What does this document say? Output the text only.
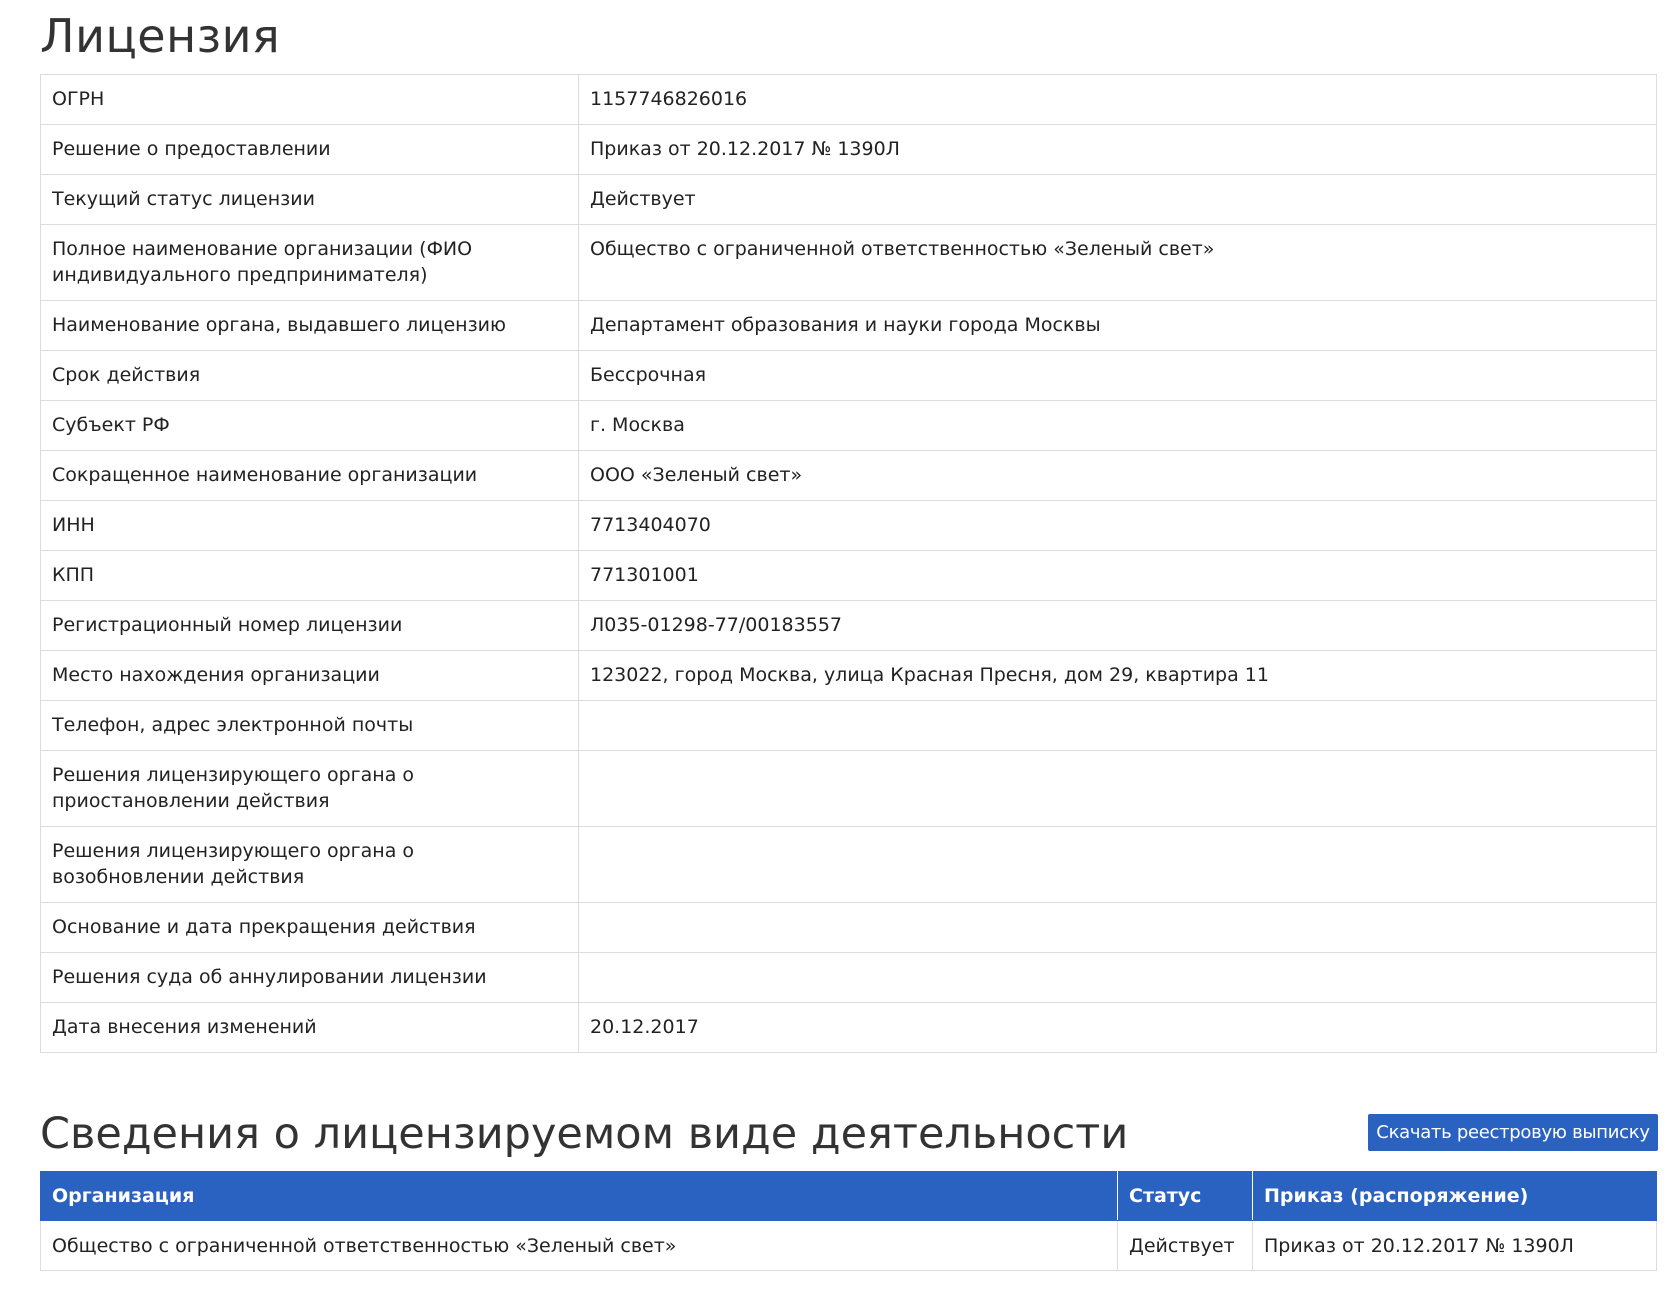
Лицензия
ОГРН	1157746826016
Решение о предоставлении	Приказ от 20.12.2017 № 1390Л
Текущий статус лицензии	Действует
Полное наименование организации (ФИО индивидуального предпринимателя)	Общество с ограниченной ответственностью «Зеленый свет»
Наименование органа, выдавшего лицензию	Департамент образования и науки города Москвы
Срок действия	Бессрочная
Субъект РФ	г. Москва
Сокращенное наименование организации	ООО «Зеленый свет»
ИНН	7713404070
КПП	771301001
Регистрационный номер лицензии	Л035-01298-77/00183557
Место нахождения организации	123022, город Москва, улица Красная Пресня, дом 29, квартира 11
Телефон, адрес электронной почты	
Решения лицензирующего органа о приостановлении действия	
Решения лицензирующего органа о возобновлении действия	
Основание и дата прекращения действия	
Решения суда об аннулировании лицензии	
Дата внесения изменений	20.12.2017
Сведения о лицензируемом виде деятельности	Скачать реестровую выписку
Организация	Статус	Приказ (распоряжение)
Общество с ограниченной ответственностью «Зеленый свет»	Действует	Приказ от 20.12.2017 № 1390Л
